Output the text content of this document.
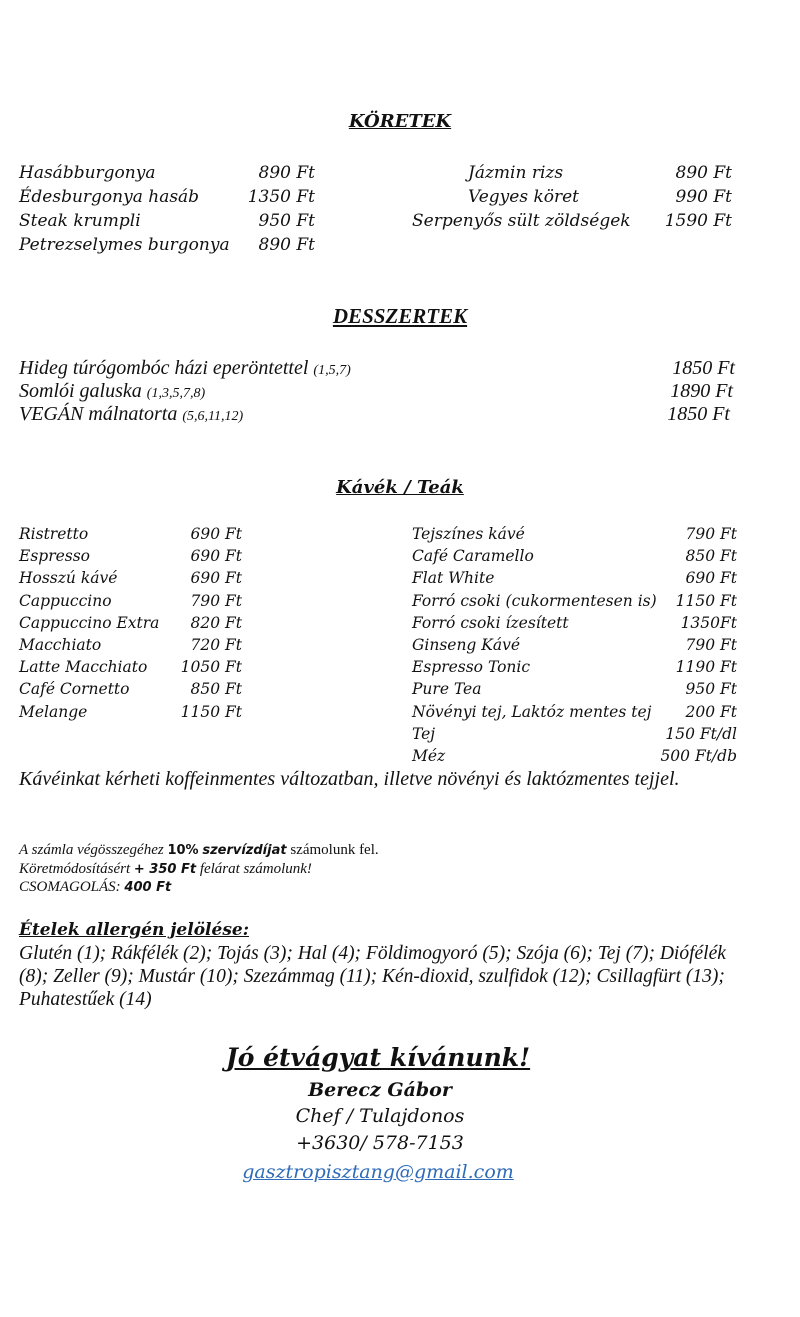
KÖRETEK
Hasábburgonya	890 Ft
Édesburgonya hasáb	1350 Ft
Steak krumpli	950 Ft
Petrezselymes burgonya 890 Ft
Jázmin rizs	890 Ft
Vegyes köret	990 Ft
Serpenyős sült zöldségek 1590 Ft
DESSZERTEK
Hideg túrógombóc házi eperöntettel (1,5,7)	1850 Ft
Somlói galuska (1,3,5,7,8)	1890 Ft
VEGÁN málnatorta (5,6,11,12)	1850 Ft
Kávék / Teák
Ristretto	690 Ft
Espresso	690 Ft
Hosszú kávé	690 Ft
Cappuccino	790 Ft
Cappuccino Extra 820 Ft
Macchiato	720 Ft
Latte Macchiato 1050 Ft
Café Cornetto	850 Ft
Melange	1150 Ft
Tejszínes kávé	790 Ft
Café Caramello	850 Ft
Flat White	690 Ft
Forró csoki (cukormentesen is) 1150 Ft
Forró csoki ízesített	1350Ft
Ginseng Kávé	790 Ft
Espresso Tonic	1190 Ft
Pure Tea	950 Ft
Növényi tej, Laktóz mentes tej 200 Ft
Tej	150 Ft/dl
Méz	500 Ft/db
Kávéinkat kérheti koffeinmentes változatban, illetve növényi és laktózmentes tejjel.
A számla végösszegéhez 10% szervízdíjat számolunk fel.
Köretmódosításért + 350 Ft felárat számolunk!
CSOMAGOLÁS: 400 Ft
Ételek allergén jelölése:
Glutén (1); Rákfélék (2); Tojás (3); Hal (4); Földimogyoró (5); Szója (6); Tej (7); Diófélék (8); Zeller (9); Mustár (10); Szezámmag (11); Kén-dioxid, szulfidok (12); Csillagfürt (13); Puhatestűek (14)
Jó étvágyat kívánunk!
Berecz Gábor
Chef / Tulajdonos
+3630/ 578-7153
gasztropisztang@gmail.com
